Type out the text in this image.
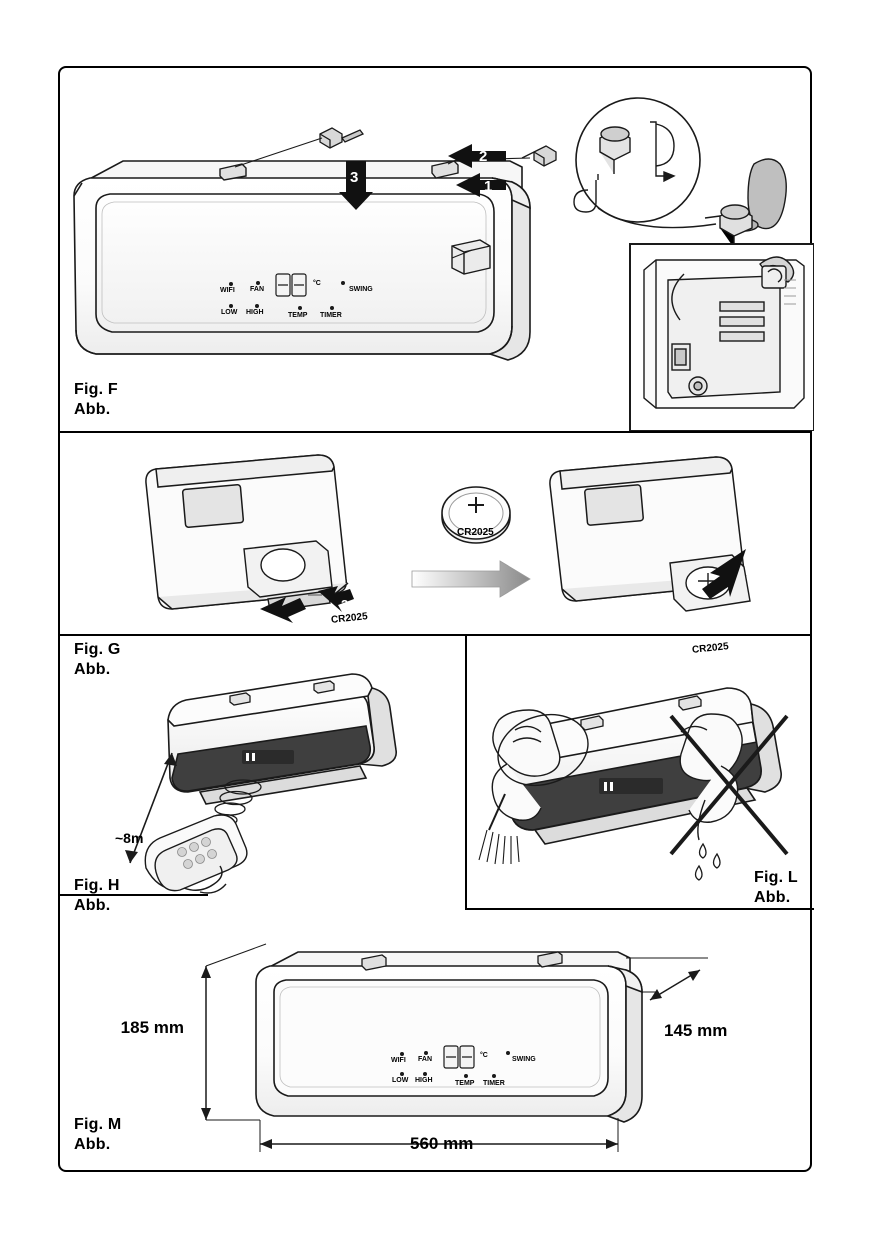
WIFI FAN
LOW HIGH
°C
SWING
TEMP TIMER
1
2
3
Fig. F
Abb.
CR2025
CR2025
CR2025
2
Fig. G
Abb.
~8m
Fig. H
Abb.
Fig. L
Abb.
WIFI FAN
LOW HIGH
°C
SWING
TEMP TIMER
185 mm	145 mm
560 mm
Fig. M
Abb.
